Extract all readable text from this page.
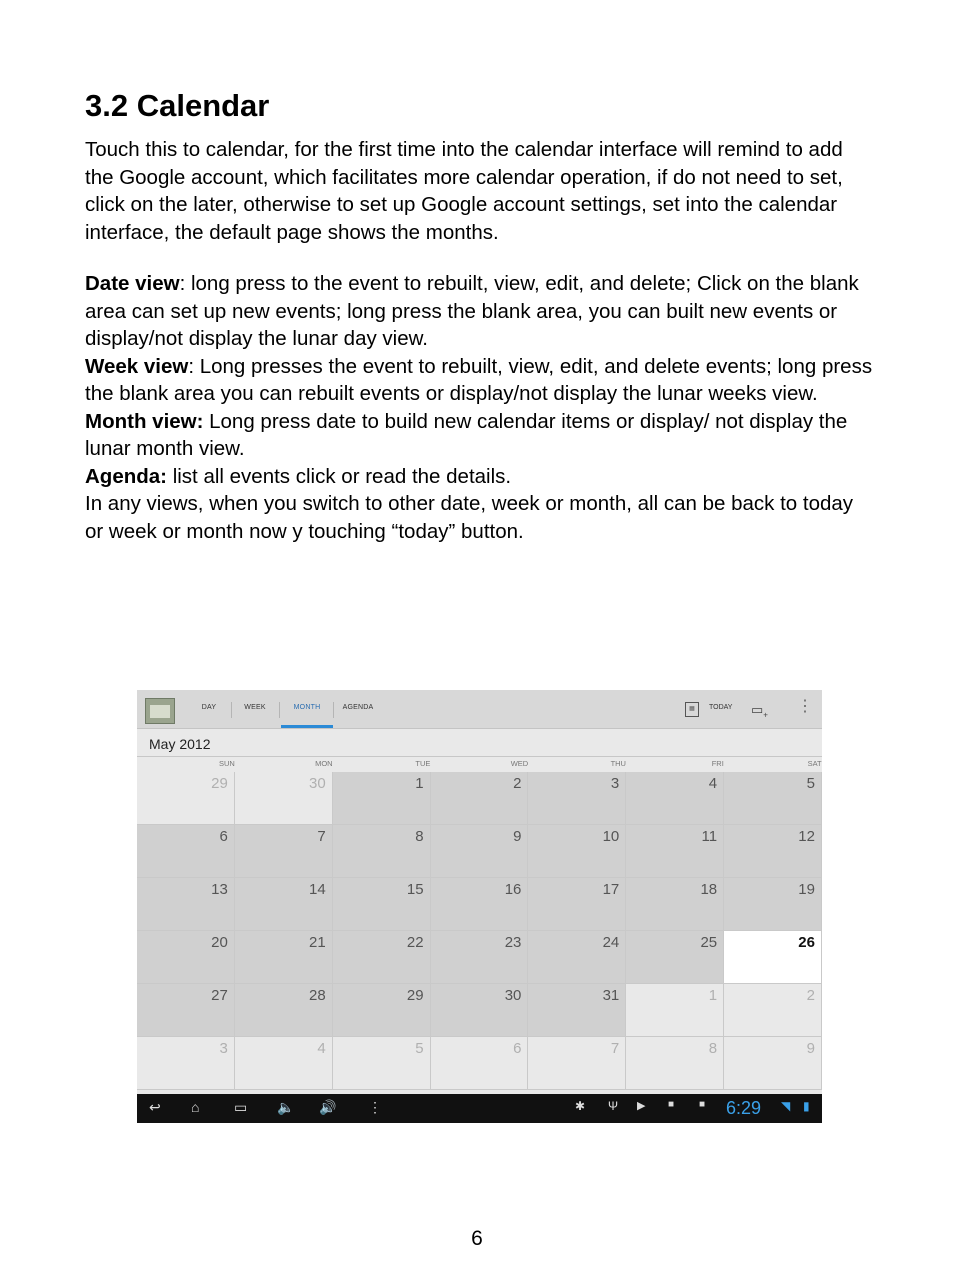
3.2 Calendar

Touch this to calendar, for the first time into the calendar interface will remind to add the Google account, which facilitates more calendar operation, if do not need to set, click on the later, otherwise to set up Google account settings, set into the calendar interface, the default page shows the months.

Date view: long press to the event to rebuilt, view, edit, and delete; Click on the blank area can set up new events; long press the blank area, you can built new events or display/not display the lunar day view.

Week view: Long presses the event to rebuilt, view, edit, and delete events; long press the blank area you can rebuilt events or display/not display the lunar weeks view.

Month view: Long press date to build new calendar items or display/ not display the lunar month view.

Agenda: list all events click or read the details.

In any views, when you switch to other date, week or month, all can be back to today or week or month now y touching “today” button.

DAY	WEEK	MONTH	AGENDA	▦	TODAY $▭_+$
⋮
May 2012
SUN	MON	TUE	WED	THU	FRI	SAT
29	30	1	2	3	4	5
6	7	8	9	10	11	12
13	14	15	16	17	18	19
20	21	22	23	24	25	26
27	28	29	30	31	1	2
3	4	5	6	7	8	9
↩ ⌂ ▭ 🔈 🔊 ⋮	✱ Ψ ▶ ■ ■ 6:29 ◥ ▮
6
